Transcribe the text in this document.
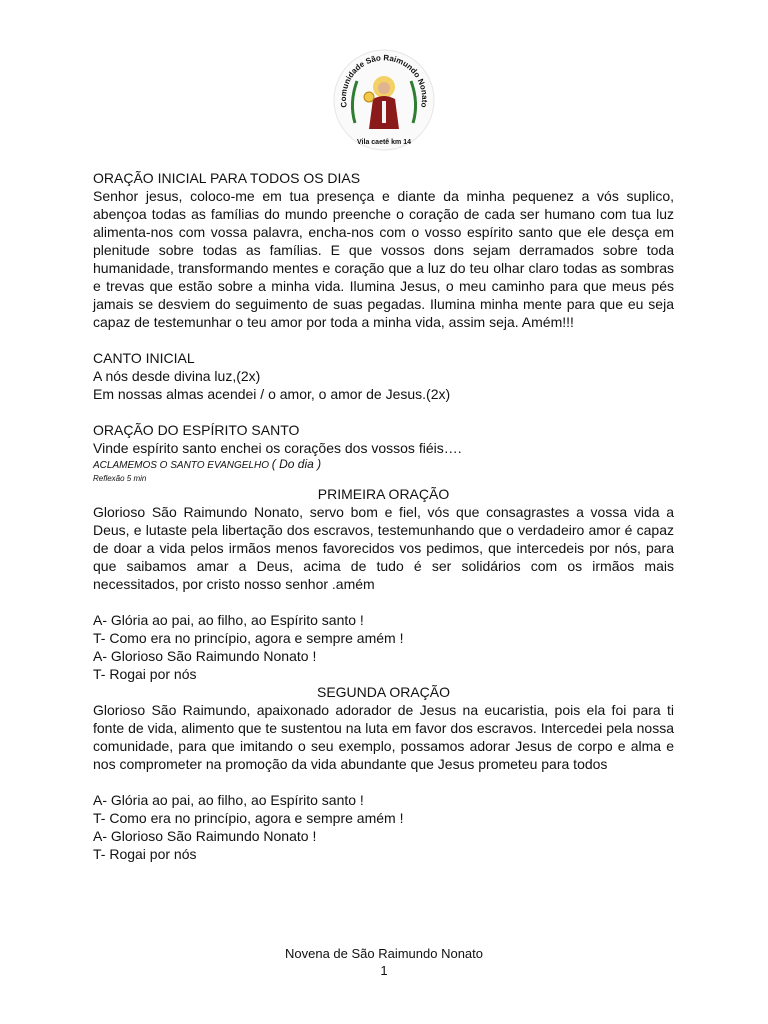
Comunidade São Raimundo Nonato
Vila caetê km 14

ORAÇÃO INICIAL PARA TODOS OS DIAS

Senhor jesus, coloco-me em tua presença e diante da minha pequenez a vós suplico, abençoa todas as famílias do mundo preenche o coração de cada ser humano com tua luz alimenta-nos com vossa palavra, encha-nos com o vosso espírito santo que ele desça em plenitude sobre todas as famílias. E que vossos dons sejam derramados sobre toda humanidade, transformando mentes e coração que a luz do teu olhar claro todas as sombras e trevas que estão sobre a minha vida. Ilumina Jesus, o meu caminho para que meus pés jamais se desviem do seguimento de suas pegadas. Ilumina minha mente para que eu seja capaz de testemunhar o teu amor por toda a minha vida, assim seja. Amém!!!

CANTO INICIAL

A nós desde divina luz,(2x)

Em nossas almas acendei / o amor, o amor de Jesus.(2x)

ORAÇÃO DO ESPÍRITO SANTO

Vinde espírito santo enchei os corações dos vossos fiéis….

ACLAMEMOS O SANTO EVANGELHO ( Do dia )

Reflexão 5 min

PRIMEIRA ORAÇÃO

Glorioso São Raimundo Nonato, servo bom e fiel, vós que consagrastes a vossa vida a Deus, e lutaste pela libertação dos escravos, testemunhando que o verdadeiro amor é capaz de doar a vida pelos irmãos menos favorecidos vos pedimos, que intercedeis por nós, para que saibamos amar a Deus, acima de tudo é ser solidários com os irmãos mais necessitados, por cristo nosso senhor .amém

A- Glória ao pai, ao filho, ao Espírito santo !

T- Como era no princípio, agora e sempre amém !

A- Glorioso São Raimundo Nonato !

T- Rogai por nós

SEGUNDA ORAÇÃO

Glorioso São Raimundo, apaixonado adorador de Jesus na eucaristia, pois ela foi para ti fonte de vida, alimento que te sustentou na luta em favor dos escravos. Intercedei pela nossa comunidade, para que imitando o seu exemplo, possamos adorar Jesus de corpo e alma e nos comprometer na promoção da vida abundante que Jesus prometeu para todos

A- Glória ao pai, ao filho, ao Espírito santo !

T- Como era no princípio, agora e sempre amém !

A- Glorioso São Raimundo Nonato !

T- Rogai por nós

Novena de São Raimundo Nonato
1
